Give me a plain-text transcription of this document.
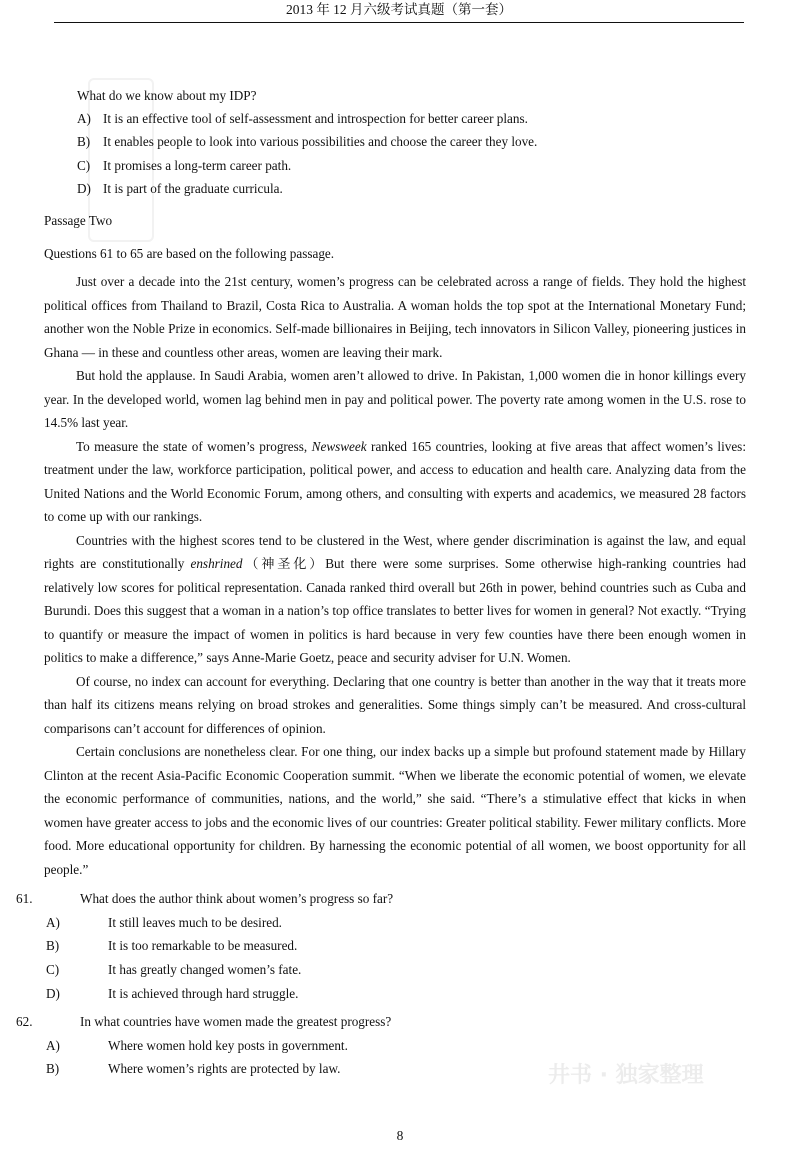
井书 · 独家整理
2013 年 12 月六级考试真题（第一套）
What do we know about my IDP?
A) It is an effective tool of self-assessment and introspection for better career plans.
B) It enables people to look into various possibilities and choose the career they love.
C) It promises a long-term career path.
D) It is part of the graduate curricula.
Passage Two
Questions 61 to 65 are based on the following passage.

Just over a decade into the 21st century, women’s progress can be celebrated across a range of fields. They hold the highest political offices from Thailand to Brazil, Costa Rica to Australia. A woman holds the top spot at the International Monetary Fund; another won the Noble Prize in economics. Self-made billionaires in Beijing, tech innovators in Silicon Valley, pioneering justices in Ghana — in these and countless other areas, women are leaving their mark.

But hold the applause. In Saudi Arabia, women aren’t allowed to drive. In Pakistan, 1,000 women die in honor killings every year. In the developed world, women lag behind men in pay and political power. The poverty rate among women in the U.S. rose to 14.5% last year.

To measure the state of women’s progress, Newsweek ranked 165 countries, looking at five areas that affect women’s lives: treatment under the law, workforce participation, political power, and access to education and health care. Analyzing data from the United Nations and the World Economic Forum, among others, and consulting with experts and academics, we measured 28 factors to come up with our rankings.

Countries with the highest scores tend to be clustered in the West, where gender discrimination is against the law, and equal rights are constitutionally enshrined（神圣化）But there were some surprises. Some otherwise high-ranking countries had relatively low scores for political representation. Canada ranked third overall but 26th in power, behind countries such as Cuba and Burundi. Does this suggest that a woman in a nation’s top office translates to better lives for women in general? Not exactly. “Trying to quantify or measure the impact of women in politics is hard because in very few counties have there been enough women in politics to make a difference,” says Anne-Marie Goetz, peace and security adviser for U.N. Women.

Of course, no index can account for everything. Declaring that one country is better than another in the way that it treats more than half its citizens means relying on broad strokes and generalities. Some things simply can’t be measured. And cross-cultural comparisons can’t account for differences of opinion.

Certain conclusions are nonetheless clear. For one thing, our index backs up a simple but profound statement made by Hillary Clinton at the recent Asia-Pacific Economic Cooperation summit. “When we liberate the economic potential of women, we elevate the economic performance of communities, nations, and the world,” she said. “There’s a stimulative effect that kicks in when women have greater access to jobs and the economic lives of our countries: Greater political stability. Fewer military conflicts. More food. More educational opportunity for children. By harnessing the economic potential of all women, we boost opportunity for all people.”

61.	What does the author think about women’s progress so far?
A)	It still leaves much to be desired.
B)	It is too remarkable to be measured.
C)	It has greatly changed women’s fate.
D)	It is achieved through hard struggle.
62.	In what countries have women made the greatest progress?
A)	Where women hold key posts in government.
B)	Where women’s rights are protected by law.
8
